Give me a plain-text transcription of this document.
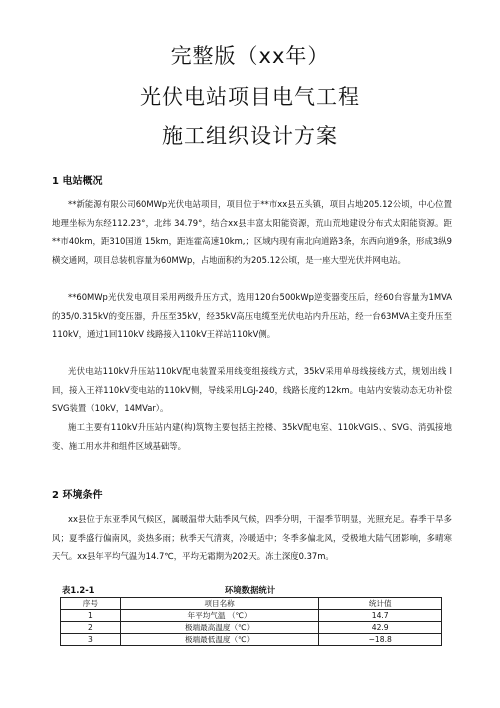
完整版（xx年）
光伏电站项目电气工程
施工组织设计方案
1 电站概况
**新能源有限公司60MWp光伏电站项目，项目位于**市xx县五头镇，项目占地205.12公顷，中心位置地理坐标为东经112.23°，北纬 34.79°，结合xx县丰富太阳能资源，荒山荒地建设分布式太阳能资源。距**市40km，距310国道 15km，距连霍高速10km,；区域内现有南北向道路3条，东西向道9条，形成3纵9横交通网，项目总装机容量为60MWp，占地面积约为205.12公顷，是一座大型光伏并网电站。
**60MWp光伏发电项目采用两级升压方式，选用120台500kWp逆变器变压后，经60台容量为1MVA的35/0.315kV的变压器，升压至35kV，经35kV高压电缆至光伏电站内升压站，经一台63MVA主变升压至110kV，通过1回110kV 线路接入110kV王祥站110kV侧。
光伏电站110kV升压站110kV配电装置采用线变组接线方式，35kV采用单母线接线方式，规划出线 l 回，接入王祥110kV变电站的110kV侧，导线采用LGJ-240，线路长度约12km。电站内安装动态无功补偿SVG装置（10kV，14MVar）。
施工主要有110kV升压站内建(构)筑物主要包括主控楼、35kV配电室、110kVGIS、、SVG、消弧接地变、施工用水井和组件区域基础等。
2 环境条件
xx县位于东亚季风气候区，属暖温带大陆季风气候，四季分明，干湿季节明显，光照充足。春季干旱多风；夏季盛行偏南风，炎热多雨；秋季天气清爽，冷暖适中；冬季多偏北风，受极地大陆气团影响，多晴寒天气。xx县年平均气温为14.7℃，平均无霜期为202天。冻土深度0.37m。
表1.2-1	环境数据统计
序号	项目名称	统计值
1	年平均气温 （℃）	14.7
2	极端最高温度（℃）	42.9
3	极端最低温度（℃）	−18.8
